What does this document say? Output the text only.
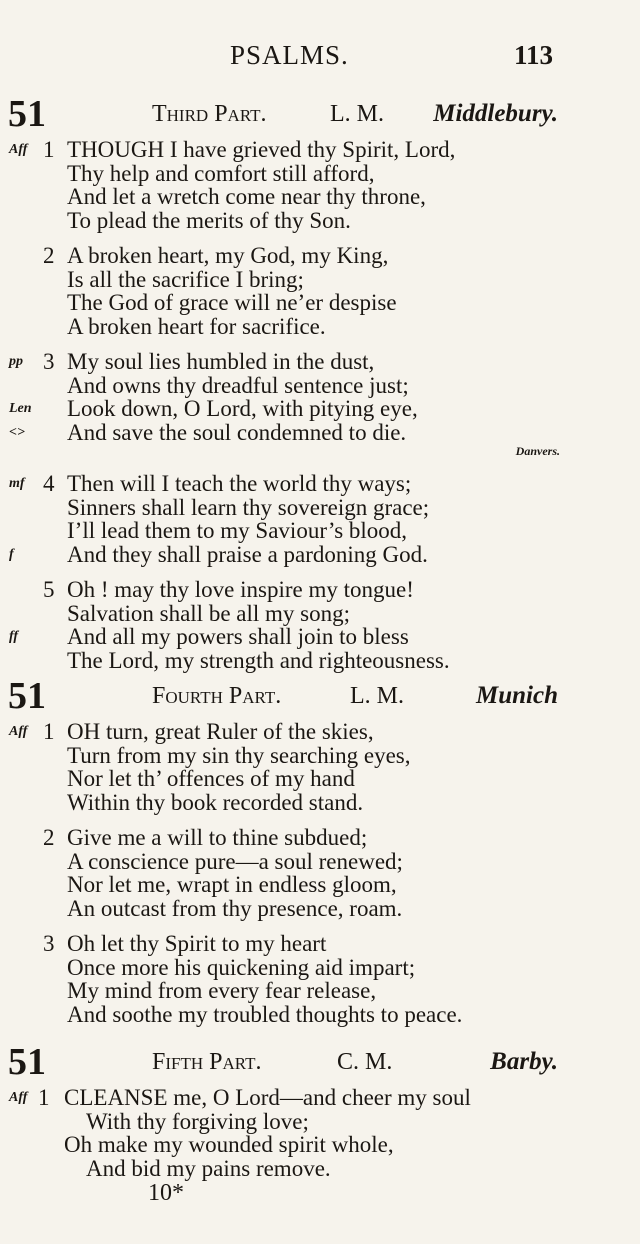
PSALMS.	113
51	Third Part.	L. M. Middlebury.
Aff 1 THOUGH I have grieved thy Spirit, Lord,
Thy help and comfort still afford,
And let a wretch come near thy throne,
To plead the merits of thy Son.
2 A broken heart, my God, my King,
Is all the sacrifice I bring;
The God of grace will ne’er despise
A broken heart for sacrifice.
pp 3 My soul lies humbled in the dust,
And owns thy dreadful sentence just;
Len Look down, O Lord, with pitying eye,
<> And save the soul condemned to die.
Danvers.
mf 4 Then will I teach the world thy ways;
Sinners shall learn thy sovereign grace;
I’ll lead them to my Saviour’s blood,
f And they shall praise a pardoning God.
5 Oh ! may thy love inspire my tongue!
Salvation shall be all my song;
ff And all my powers shall join to bless
The Lord, my strength and righteousness.
51	Fourth Part.	L. M.	Munich
Aff 1 OH turn, great Ruler of the skies,
Turn from my sin thy searching eyes,
Nor let th’ offences of my hand
Within thy book recorded stand.
2 Give me a will to thine subdued;
A conscience pure—a soul renewed;
Nor let me, wrapt in endless gloom,
An outcast from thy presence, roam.
3 Oh let thy Spirit to my heart
Once more his quickening aid impart;
My mind from every fear release,
And soothe my troubled thoughts to peace.
51	Fifth Part.	C. M.	Barby.
Aff 1 CLEANSE me, O Lord—and cheer my soul
With thy forgiving love;
Oh make my wounded spirit whole,
And bid my pains remove.
10*
